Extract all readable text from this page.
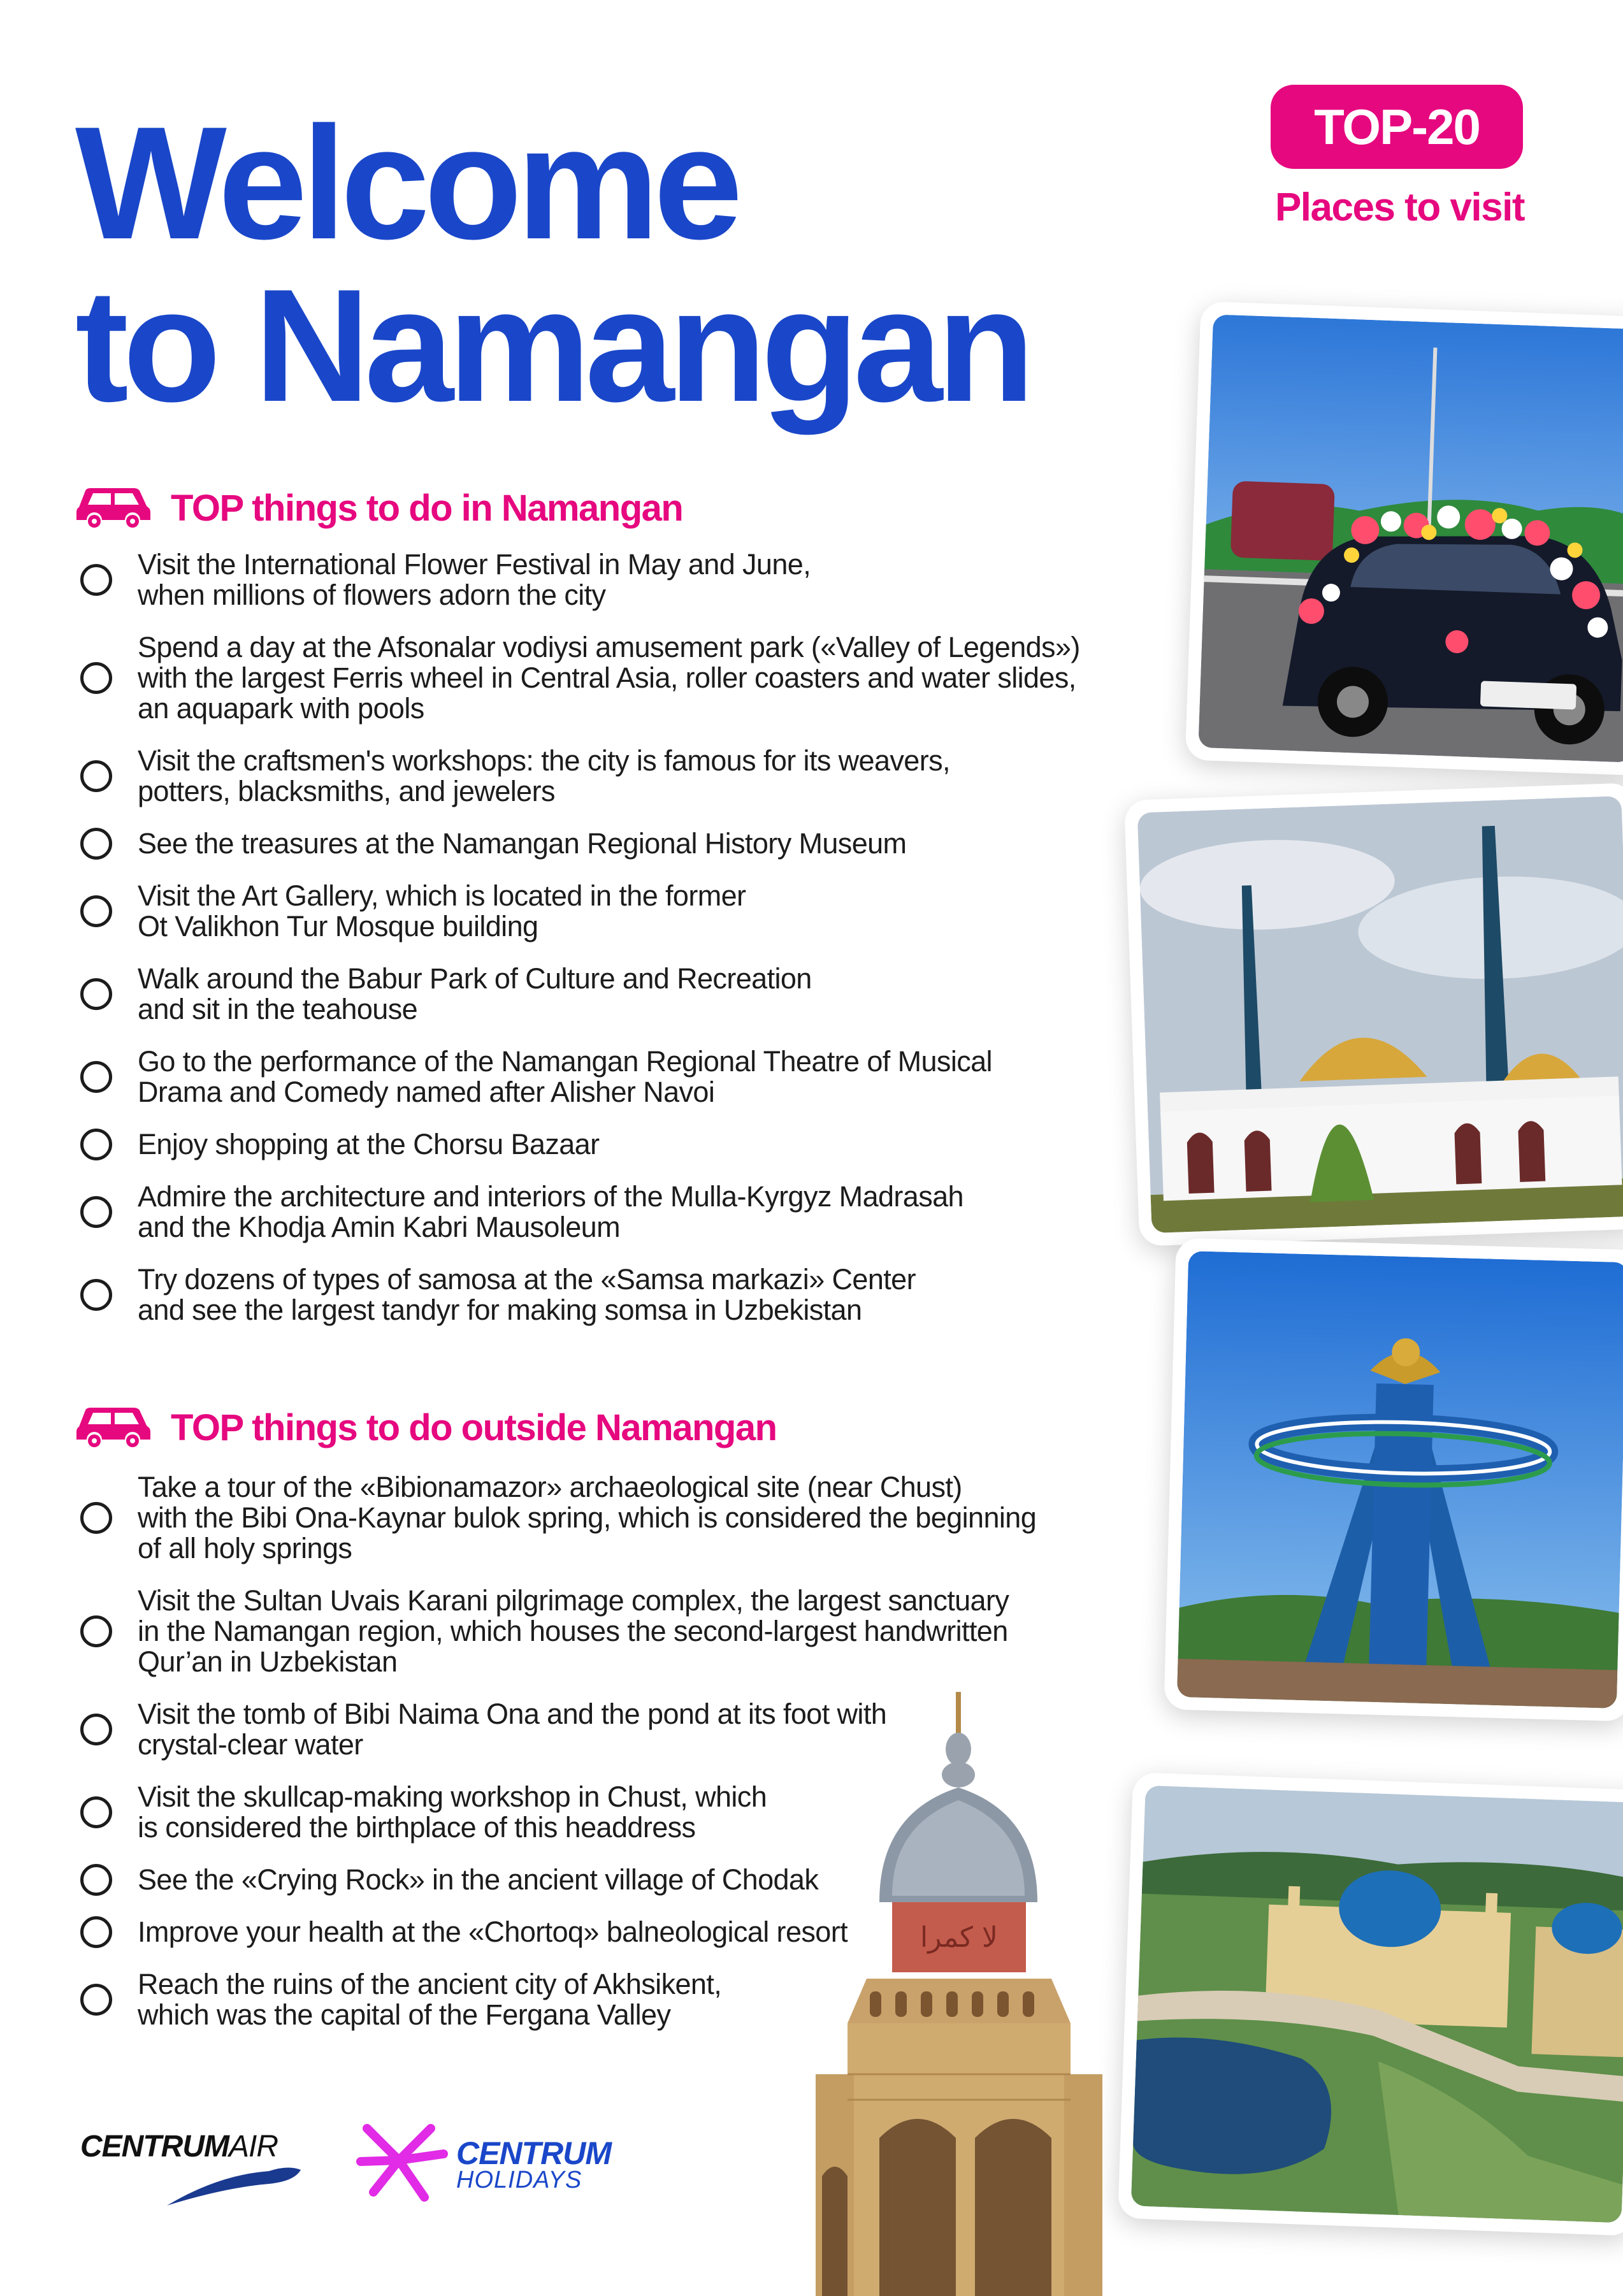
Welcome
to Namangan
TOP-20
Places to visit
TOP things to do in Namangan
Visit the International Flower Festival in May and June,
when millions of flowers adorn the city
Spend a day at the Afsonalar vodiysi amusement park («Valley of Legends»)
with the largest Ferris wheel in Central Asia, roller coasters and water slides,
an aquapark with pools
Visit the craftsmen's workshops: the city is famous for its weavers,
potters, blacksmiths, and jewelers
See the treasures at the Namangan Regional History Museum
Visit the Art Gallery, which is located in the former
Ot Valikhon Tur Mosque building
Walk around the Babur Park of Culture and Recreation
and sit in the teahouse
Go to the performance of the Namangan Regional Theatre of Musical
Drama and Comedy named after Alisher Navoi
Enjoy shopping at the Chorsu Bazaar
Admire the architecture and interiors of the Mulla-Kyrgyz Madrasah
and the Khodja Amin Kabri Mausoleum
Try dozens of types of samosa at the «Samsa markazi» Center
and see the largest tandyr for making somsa in Uzbekistan
TOP things to do outside Namangan
Take a tour of the «Bibionamazor» archaeological site (near Chust)
with the Bibi Ona-Kaynar bulok spring, which is considered the beginning
of all holy springs
Visit the Sultan Uvais Karani pilgrimage complex, the largest sanctuary
in the Namangan region, which houses the second-largest handwritten
Qur’an in Uzbekistan
Visit the tomb of Bibi Naima Ona and the pond at its foot with
crystal-clear water
Visit the skullcap-making workshop in Chust, which
is considered the birthplace of this headdress
See the «Crying Rock» in the ancient village of Chodak
Improve your health at the «Chortoq» balneological resort
Reach the ruins of the ancient city of Akhsikent,
which was the capital of the Fergana Valley
لا كمرا
CENTRUMAIR	CENTRUM
HOLIDAYS
